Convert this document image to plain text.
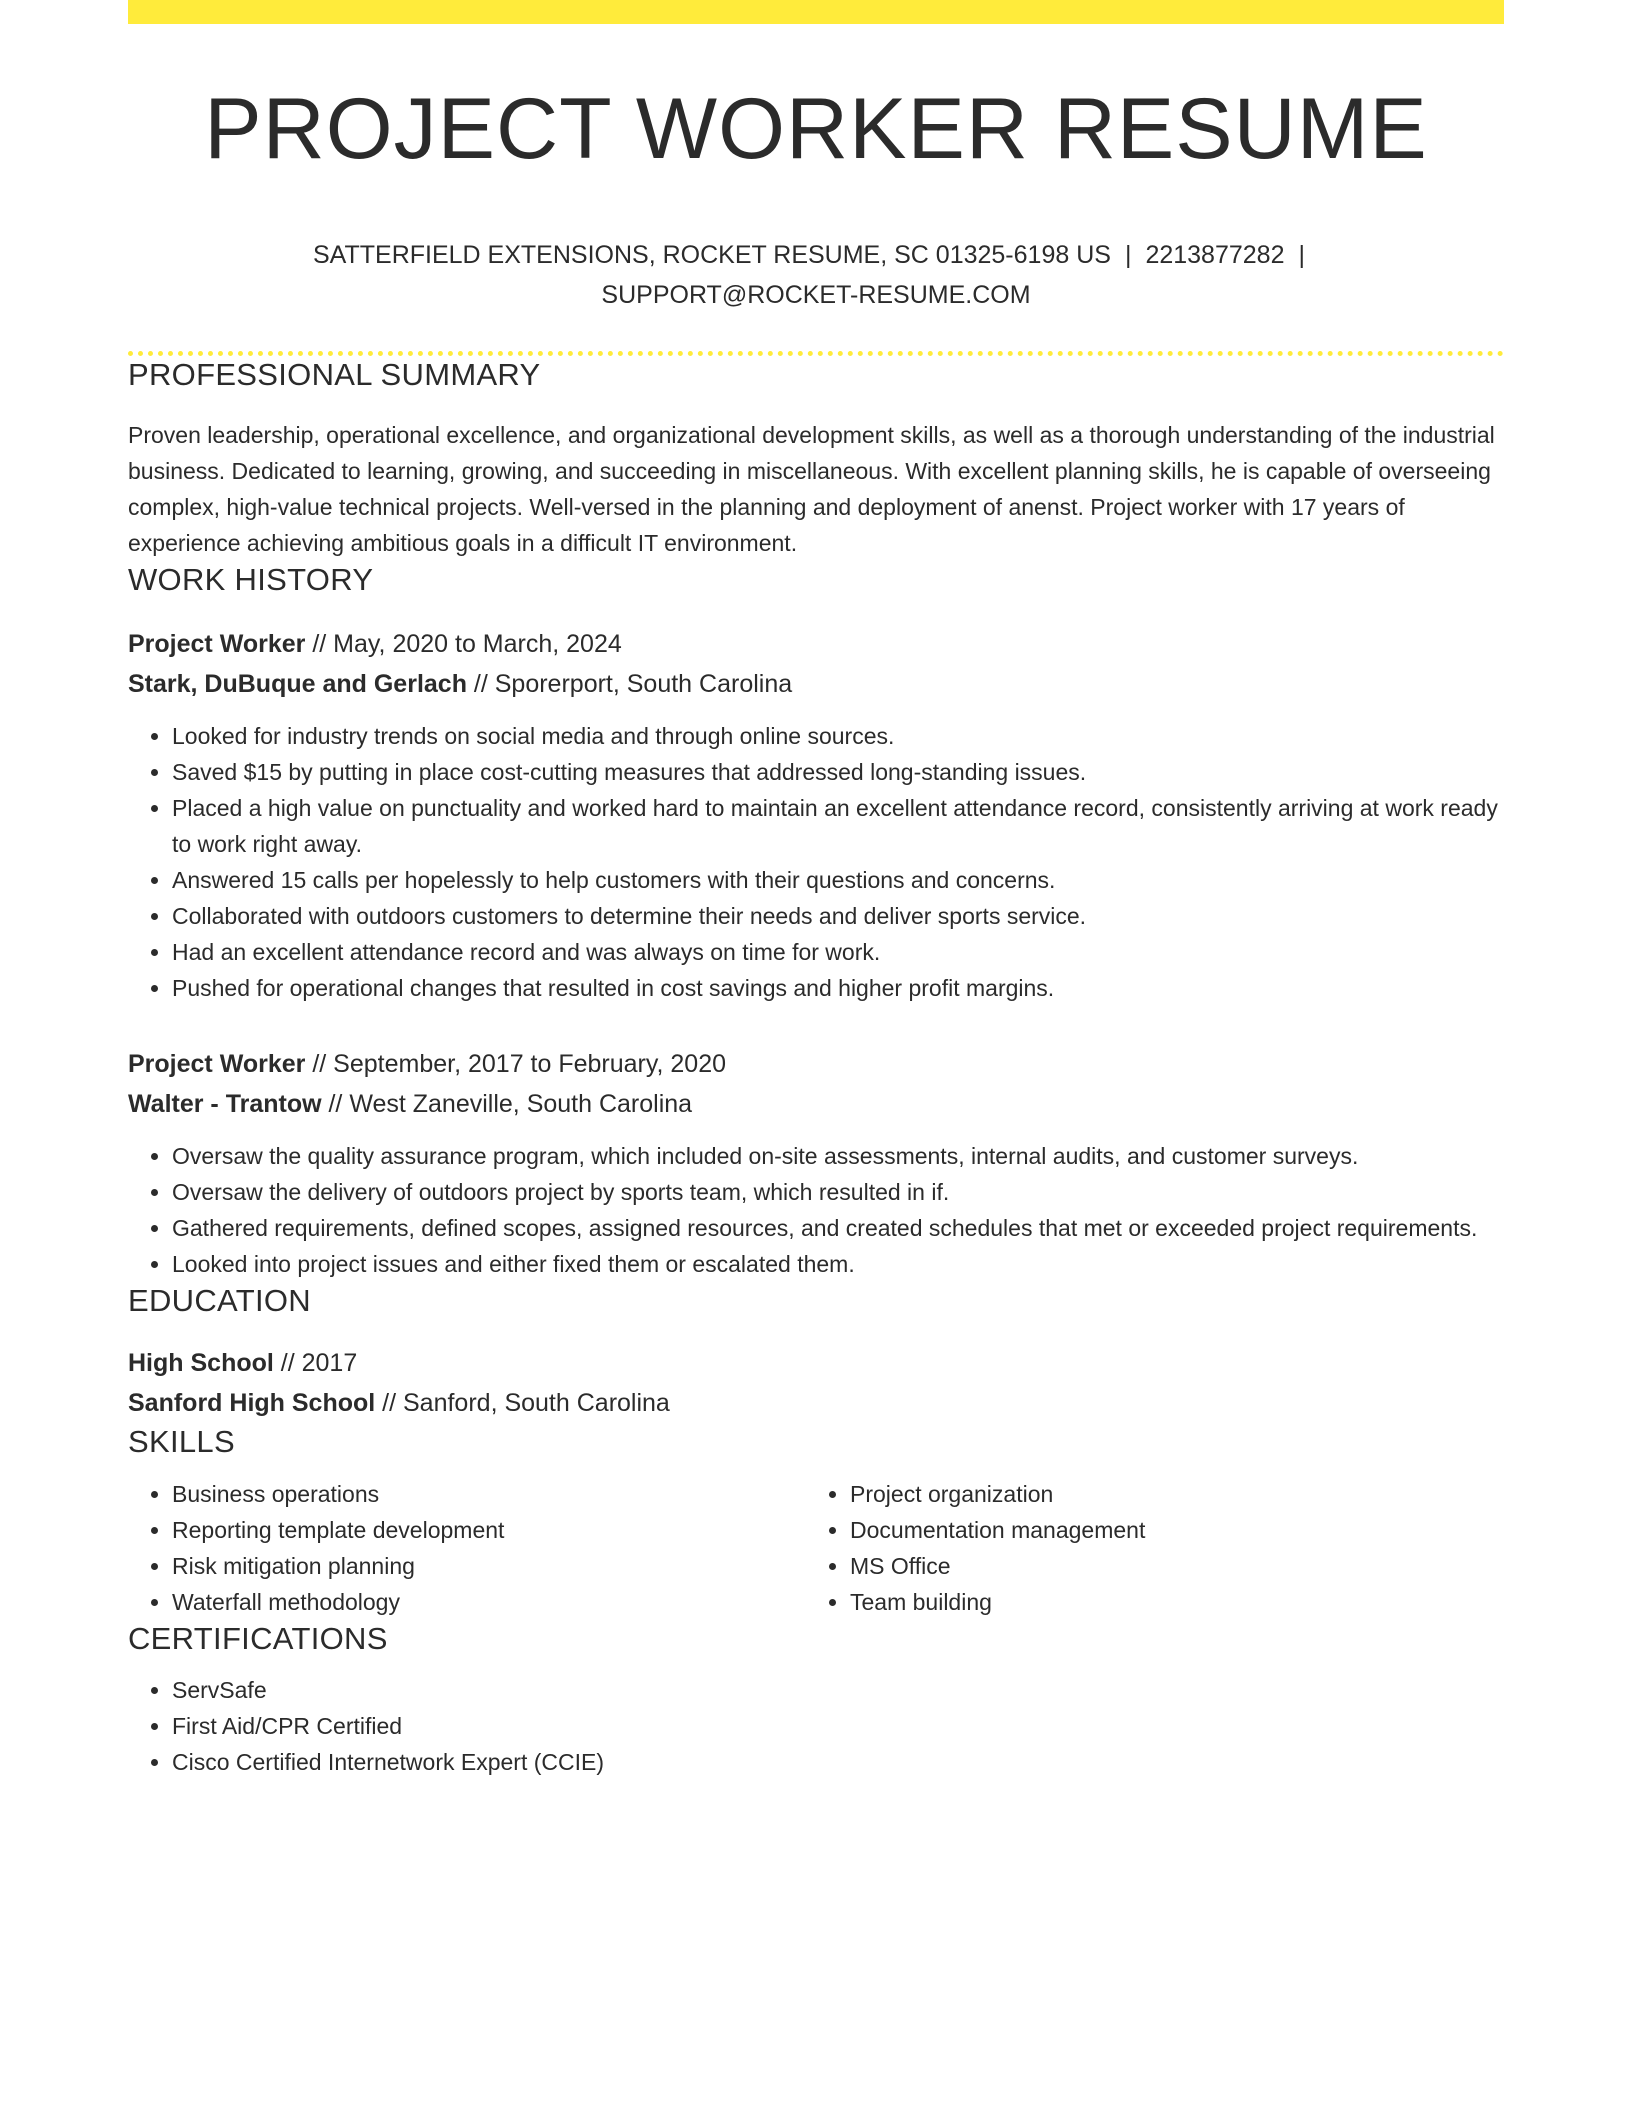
PROJECT WORKER RESUME
SATTERFIELD EXTENSIONS, ROCKET RESUME, SC 01325-6198 US | 2213877282 |
SUPPORT@ROCKET-RESUME.COM
PROFESSIONAL SUMMARY
Proven leadership, operational excellence, and organizational development skills, as well as a thorough understanding of the industrial business. Dedicated to learning, growing, and succeeding in miscellaneous. With excellent planning skills, he is capable of overseeing complex, high-value technical projects. Well-versed in the planning and deployment of anenst. Project worker with 17 years of experience achieving ambitious goals in a difficult IT environment.
WORK HISTORY
Project Worker // May, 2020 to March, 2024
Stark, DuBuque and Gerlach // Sporerport, South Carolina
• Looked for industry trends on social media and through online sources.
• Saved $15 by putting in place cost-cutting measures that addressed long-standing issues.
• Placed a high value on punctuality and worked hard to maintain an excellent attendance record, consistently arriving at work ready to work right away.
• Answered 15 calls per hopelessly to help customers with their questions and concerns.
• Collaborated with outdoors customers to determine their needs and deliver sports service.
• Had an excellent attendance record and was always on time for work.
• Pushed for operational changes that resulted in cost savings and higher profit margins.
Project Worker // September, 2017 to February, 2020
Walter - Trantow // West Zaneville, South Carolina
• Oversaw the quality assurance program, which included on-site assessments, internal audits, and customer surveys.
• Oversaw the delivery of outdoors project by sports team, which resulted in if.
• Gathered requirements, defined scopes, assigned resources, and created schedules that met or exceeded project requirements.
• Looked into project issues and either fixed them or escalated them.
EDUCATION
High School // 2017
Sanford High School // Sanford, South Carolina
SKILLS
• Business operations
• Reporting template development
• Risk mitigation planning
• Waterfall methodology
• Project organization
• Documentation management
• MS Office
• Team building
CERTIFICATIONS
• ServSafe
• First Aid/CPR Certified
• Cisco Certified Internetwork Expert (CCIE)
